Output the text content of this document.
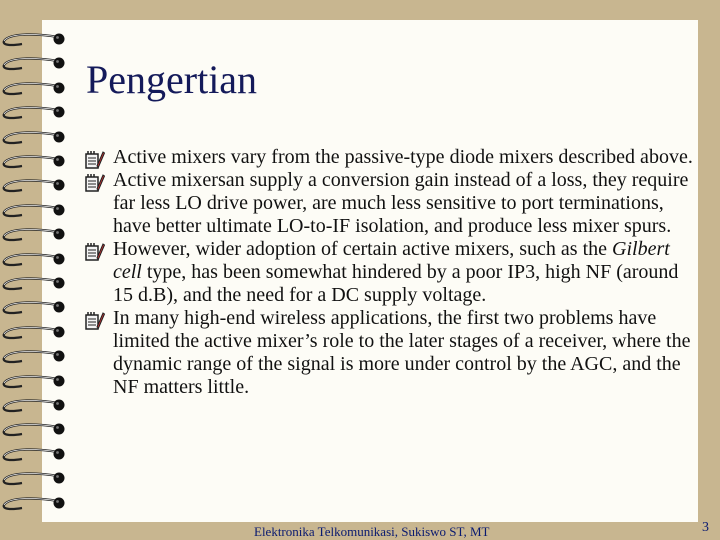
Pengertian
Active mixers vary from the passive-type diode mixers described above.
Active mixersan supply a conversion gain instead of a loss, they require far less LO drive power, are much less sensitive to port terminations, have better ultimate LO-to-IF isolation, and produce less mixer spurs.
However, wider adoption of certain active mixers, such as the Gilbert cell type, has been somewhat hindered by a poor IP3, high NF (around 15 d.B), and the need for a DC supply voltage.
In many high-end wireless applications, the first two problems have limited the active mixer’s role to the later stages of a receiver, where the dynamic range of the signal is more under control by the AGC, and the NF matters little.
Elektronika Telkomunikasi, Sukiswo ST, MT	3
